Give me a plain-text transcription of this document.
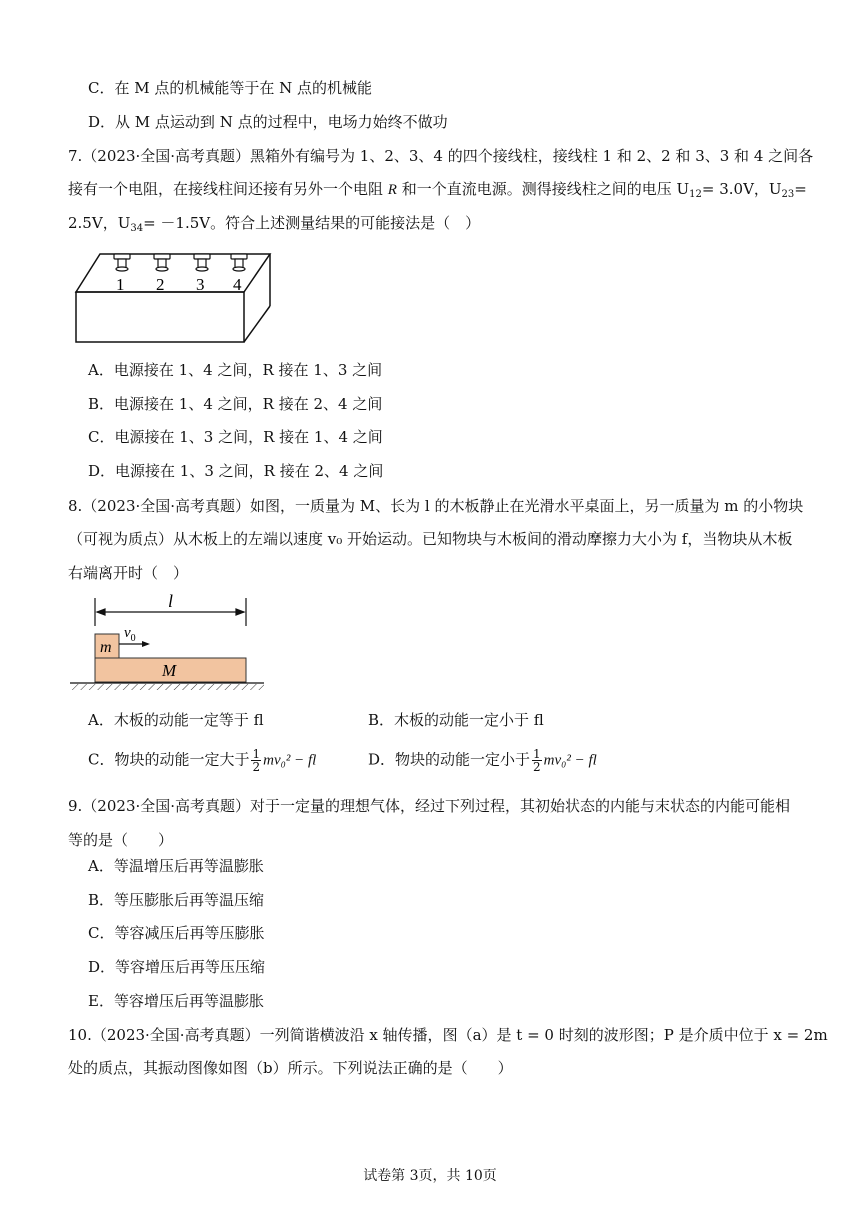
C．在 M 点的机械能等于在 N 点的机械能
D．从 M 点运动到 N 点的过程中，电场力始终不做功
7.（2023·全国·高考真题）黑箱外有编号为 1、2、3、4 的四个接线柱，接线柱 1 和 2、2 和 3、3 和 4 之间各
接有一个电阻，在接线柱间还接有另外一个电阻 R 和一个直流电源。测得接线柱之间的电压 $U_{12}= 3.0V$，$U_{23}=$
2.5V，$U_{34}= -1.5V$。符合上述测量结果的可能接法是（　）
1 2 3 4
A．电源接在 1、4 之间，R 接在 1、3 之间
B．电源接在 1、4 之间，R 接在 2、4 之间
C．电源接在 1、3 之间，R 接在 1、4 之间
D．电源接在 1、3 之间，R 接在 2、4 之间
8.（2023·全国·高考真题）如图，一质量为 M、长为 l 的木板静止在光滑水平桌面上，另一质量为 m 的小物块
（可视为质点）从木板上的左端以速度 v₀ 开始运动。已知物块与木板间的滑动摩擦力大小为 f，当物块从木板
右端离开时（　）
l
m
M
$v_0$
A．木板的动能一定等于 fl	B．木板的动能一定小于 fl
C．物块的动能一定大于 $\frac{1}{2} mv_0^2$ − fl	D．物块的动能一定小于 $\frac{1}{2} mv_0^2$ − fl
9.（2023·全国·高考真题）对于一定量的理想气体，经过下列过程，其初始状态的内能与末状态的内能可能相
等的是（　　）
A．等温增压后再等温膨胀
B．等压膨胀后再等温压缩
C．等容减压后再等压膨胀
D．等容增压后再等压压缩
E．等容增压后再等温膨胀
10.（2023·全国·高考真题）一列简谐横波沿 x 轴传播，图（a）是 t = 0 时刻的波形图；P 是介质中位于 x = 2m
处的质点，其振动图像如图（b）所示。下列说法正确的是（　　）
试卷第 3页，共 10页
